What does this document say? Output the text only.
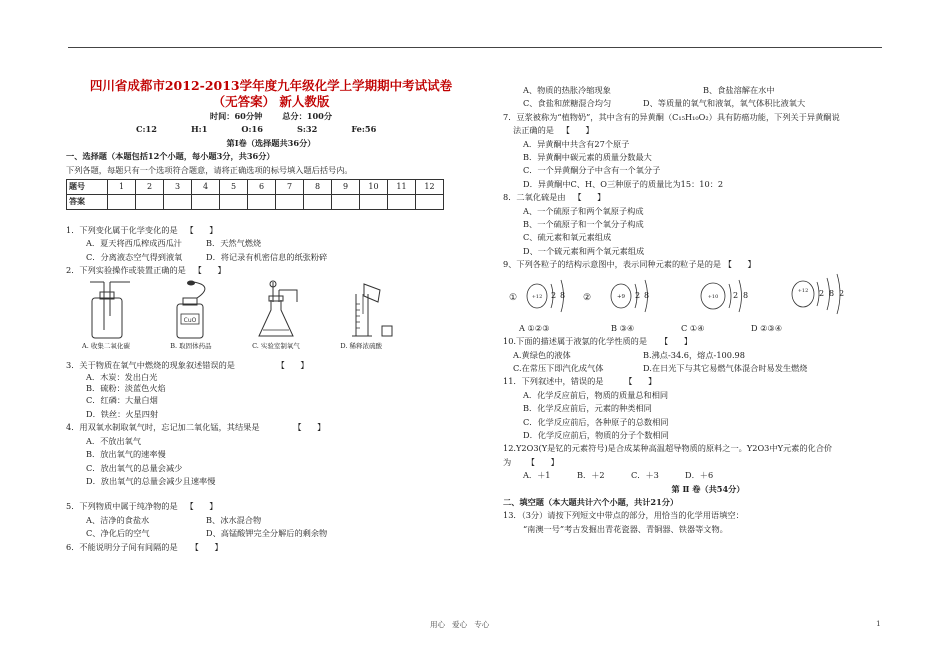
四川省成都市2012-2013学年度九年级化学上学期期中考试试卷
（无答案） 新人教版
时间：60分钟       总分：100分
C:12	H:1	O:16	S:32	Fe:56
第Ⅰ卷（选择题共36分）
一、选择题（本题包括12个小题，每小题3分，共36分）
下列各题，每题只有一个选项符合题意，请将正确选项的标号填入题后括号内。
题号	1	2	3	4	5	6	7	8	9	10	11	12
答案												
1．下列变化属于化学变化的是   【      】
A．夏天将西瓜榨成西瓜汁	B．天然气燃烧
C．分离液态空气得到液氧	D．将记录有机密信息的纸张粉碎
2．下列实验操作或装置正确的是   【      】
CuO
A. 收集二氧化碳	B. 取固体药品	C. 实验室制氧气	D. 稀释浓硫酸
3．关于物质在氧气中燃烧的现象叙述错误的是                【      】
A．木炭：发出白光
B．硫粉：淡蓝色火焰
C．红磷：大量白烟
D．铁丝：火星四射
4．用双氧水制取氧气时，忘记加二氧化锰，其结果是             【      】
A．不放出氧气
B．放出氧气的速率慢
C．放出氧气的总量会减少
D．放出氧气的总量会减少且速率慢
5．下列物质中属于纯净物的是   【      】
A、洁净的食盐水	B、冰水混合物
C、净化后的空气	D、高锰酸钾完全分解后的剩余物
6．不能说明分子间有间隔的是     【      】
A、物质的热胀冷缩现象	B、食盐溶解在水中
C、食盐和蔗糖混合均匀	D、等质量的氧气和液氧，氧气体积比液氧大
7．豆浆被称为“植物奶”，其中含有的异黄酮（C₁₅H₁₀O₂）具有防癌功能，下列关于异黄酮说
法正确的是   【      】
A．异黄酮中共含有27个原子
B．异黄酮中碳元素的质量分数最大
C．一个异黄酮分子中含有一个氧分子
D．异黄酮中C、H、O三种原子的质量比为15：10：2
8．二氧化硫是由   【      】
A、一个硫原子和两个氧原子构成
B、一个硫原子和一个氧分子构成
C、硫元素和氧元素组成
D、一个硫元素和两个氧元素组成
9、下列各粒子的结构示意图中，表示同种元素的粒子是的是 【      】
①	+12 2 8 ②	+9 2 8	+10 2 8	+12 2 8 2
A ①②③	B ③④	C ①④	D ②③④
10.下面的描述属于液氯的化学性质的是     【      】
A.黄绿色的液体	B.沸点-34.6，熔点-100.98
C.在常压下即汽化成气体	D.在日光下与其它易燃气体混合时易发生燃烧
11．下列叙述中，错误的是        【      】
A．化学反应前后，物质的质量总和相同
B．化学反应前后，元素的种类相同
C．化学反应前后，各种原子的总数相同
D．化学反应前后，物质的分子个数相同
12.Y2O3(Y是钇的元素符号)是合成某种高温超导物质的原料之一。Y2O3中Y元素的化合价
为      【      】
A．＋1	B．＋2	C．＋3	D．＋6
第 Ⅱ 卷（共54分）
二、填空题（本大题共计六个小题，共计21分）
13．（3分）请按下列短文中带点的部分，用恰当的化学用语填空：
“南澳一号”考古发掘出青花瓷器、青铜器、铁器等文物。
用心   爱心   专心	1
